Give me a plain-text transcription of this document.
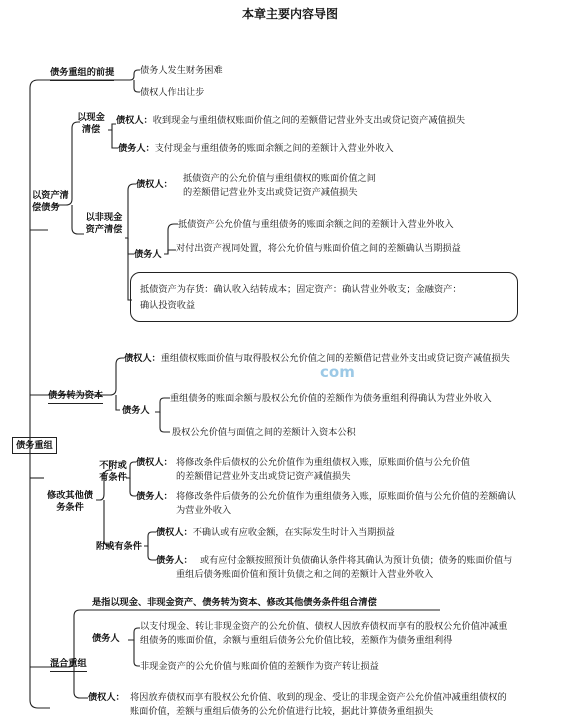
本章主要内容导图
债务重组
债务重组的前提	债务人发生财务困难
债权人作出让步
以资产清偿债务
以现金清偿
债权人：收到现金与重组债权账面价值之间的差额借记营业外支出或贷记资产减值损失
债务人：支付现金与重组债务的账面余额之间的差额计入营业外收入
以非现金资产清偿
债权人：
抵债资产的公允价值与重组债权的账面价值之间
的差额借记营业外支出或贷记资产减值损失
债务人
抵债资产公允价值与重组债务的账面余额之间的差额计入营业外收入
对付出资产视同处置，将公允价值与账面价值之间的差额确认当期损益
抵债资产为存货：确认收入结转成本；固定资产：确认营业外收支；金融资产：
确认投资收益
com
债务转为资本
债权人：重组债权账面价值与取得股权公允价值之间的差额借记营业外支出或贷记资产减值损失
债务人
重组债务的账面余额与股权公允价值的差额作为债务重组利得确认为营业外收入
股权公允价值与面值之间的差额计入资本公积
修改其他债务条件
不附或有条件
债权人： 将修改条件后债权的公允价值作为重组债权入账，原账面价值与公允价值
的差额借记营业外支出或贷记资产减值损失
债务人： 将修改条件后债务的公允价值作为重组债务入账，原账面价值与公允价值的差额确认
为营业外收入
附或有条件
债权人：不确认或有应收金额，在实际发生时计入当期损益
债务人： 或有应付金额按照预计负债确认条件将其确认为预计负债；债务的账面价值与
重组后债务账面价值和预计负债之和之间的差额计入营业外收入
是指以现金、非现金资产、债务转为资本、修改其他债务条件组合清偿
混合重组
债务人
以支付现金、转让非现金资产的公允价值、债权人因放弃债权而享有的股权公允价值冲减重
组债务的账面价值，余额与重组后债务公允价值比较，差额作为债务重组利得
非现金资产的公允价值与账面价值的差额作为资产转让损益
债权人： 将因放弃债权而享有股权公允价值、收到的现金、受让的非现金资产公允价值冲减重组债权的
账面价值，差额与重组后债务的公允价值进行比较，据此计算债务重组损失
